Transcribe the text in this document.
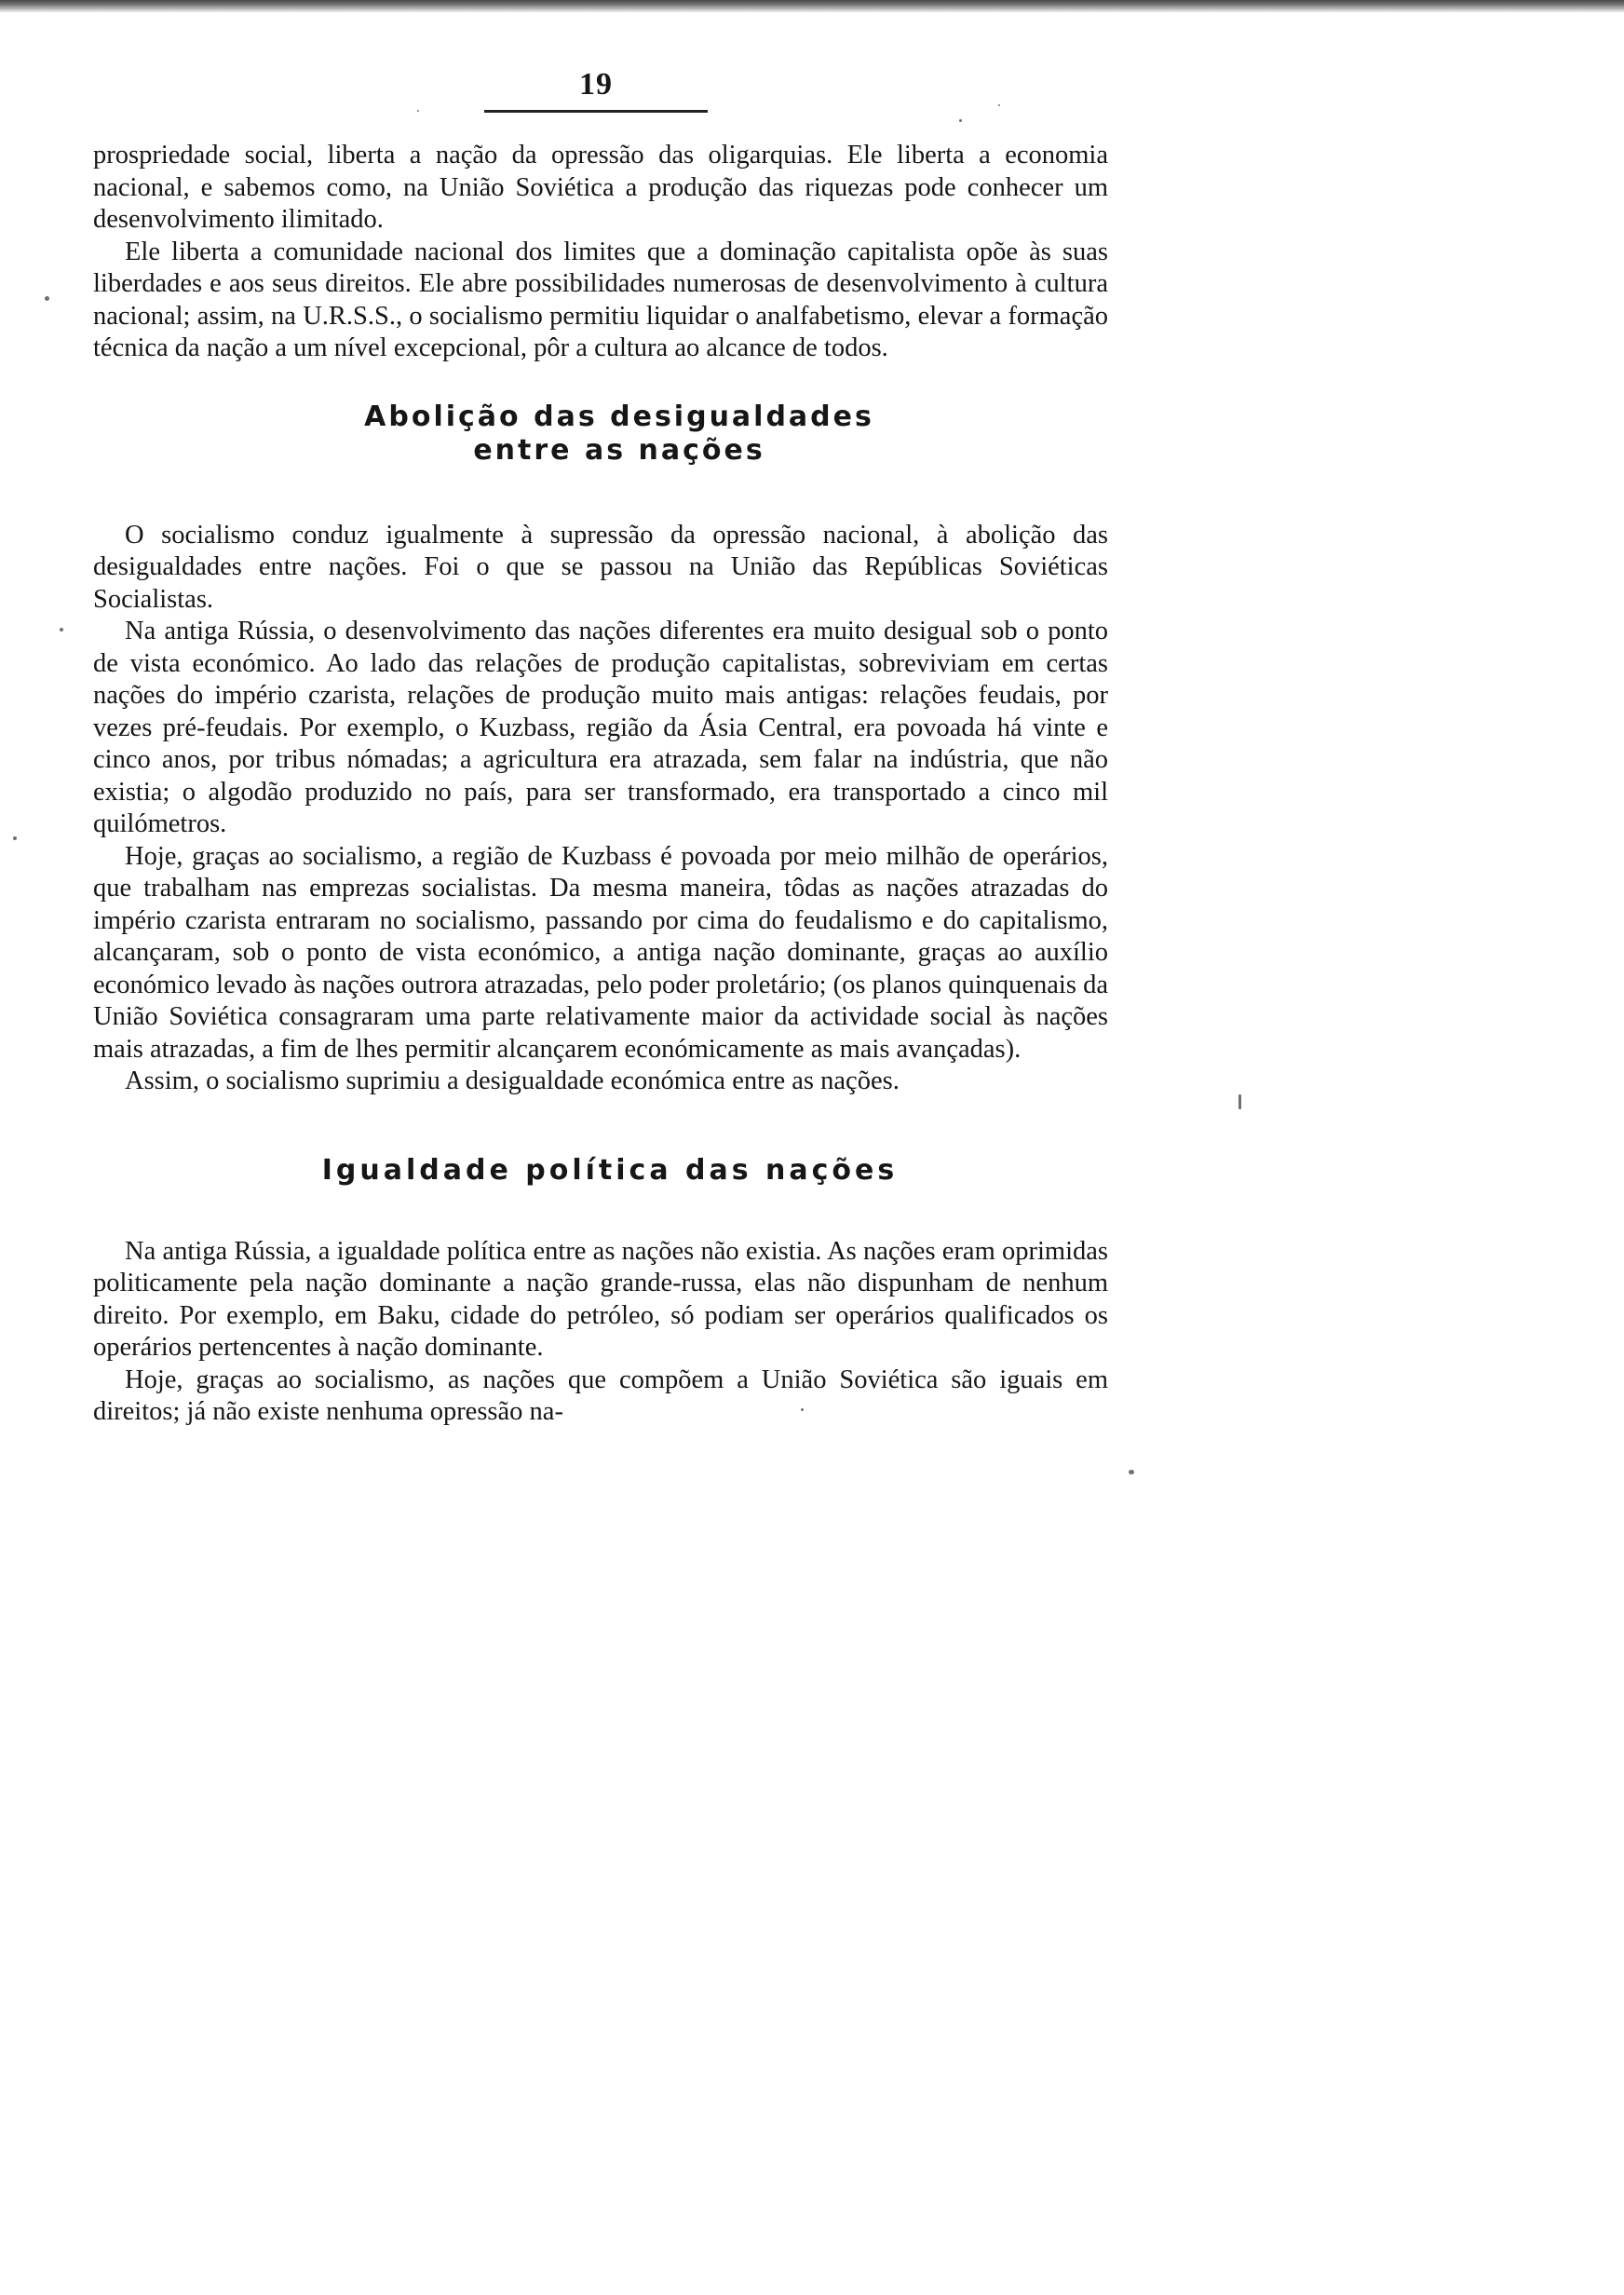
19

prospriedade social, liberta a nação da opressão das oligarquias. Ele liberta a economia nacional, e sabemos como, na União Soviética a produção das riquezas pode conhecer um desenvolvimento ilimitado.

Ele liberta a comunidade nacional dos limites que a dominação capitalista opõe às suas liberdades e aos seus direitos. Ele abre possibilidades numerosas de desenvolvimento à cultura nacional; assim, na U.R.S.S., o socialismo permitiu liquidar o analfabetismo, elevar a formação técnica da nação a um nível excepcional, pôr a cultura ao alcance de todos.

Abolição das desigualdades
entre as nações

O socialismo conduz igualmente à supressão da opressão nacional, à abolição das desigualdades entre nações. Foi o que se passou na União das Repúblicas Soviéticas Socialistas.

Na antiga Rússia, o desenvolvimento das nações diferentes era muito desigual sob o ponto de vista económico. Ao lado das relações de produção capitalistas, sobreviviam em certas nações do império czarista, relações de produção muito mais antigas: relações feudais, por vezes pré-feudais. Por exemplo, o Kuzbass, região da Ásia Central, era povoada há vinte e cinco anos, por tribus nómadas; a agricultura era atrazada, sem falar na indústria, que não existia; o algodão produzido no país, para ser transformado, era transportado a cinco mil quilómetros.

Hoje, graças ao socialismo, a região de Kuzbass é povoada por meio milhão de operários, que trabalham nas emprezas socialistas. Da mesma maneira, tôdas as nações atrazadas do império czarista entraram no socialismo, passando por cima do feudalismo e do capitalismo, alcançaram, sob o ponto de vista económico, a antiga nação dominante, graças ao auxílio económico levado às nações outrora atrazadas, pelo poder proletário; (os planos quinquenais da União Soviética consagraram uma parte relativamente maior da actividade social às nações mais atrazadas, a fim de lhes permitir alcançarem económicamente as mais avançadas).

Assim, o socialismo suprimiu a desigualdade económica entre as nações.

Igualdade política das nações

Na antiga Rússia, a igualdade política entre as nações não existia. As nações eram oprimidas politicamente pela nação dominante a nação grande-russa, elas não dispunham de nenhum direito. Por exemplo, em Baku, cidade do petróleo, só podiam ser operários qualificados os operários pertencentes à nação dominante.

Hoje, graças ao socialismo, as nações que compõem a União Soviética são iguais em direitos; já não existe nenhuma opressão na-
